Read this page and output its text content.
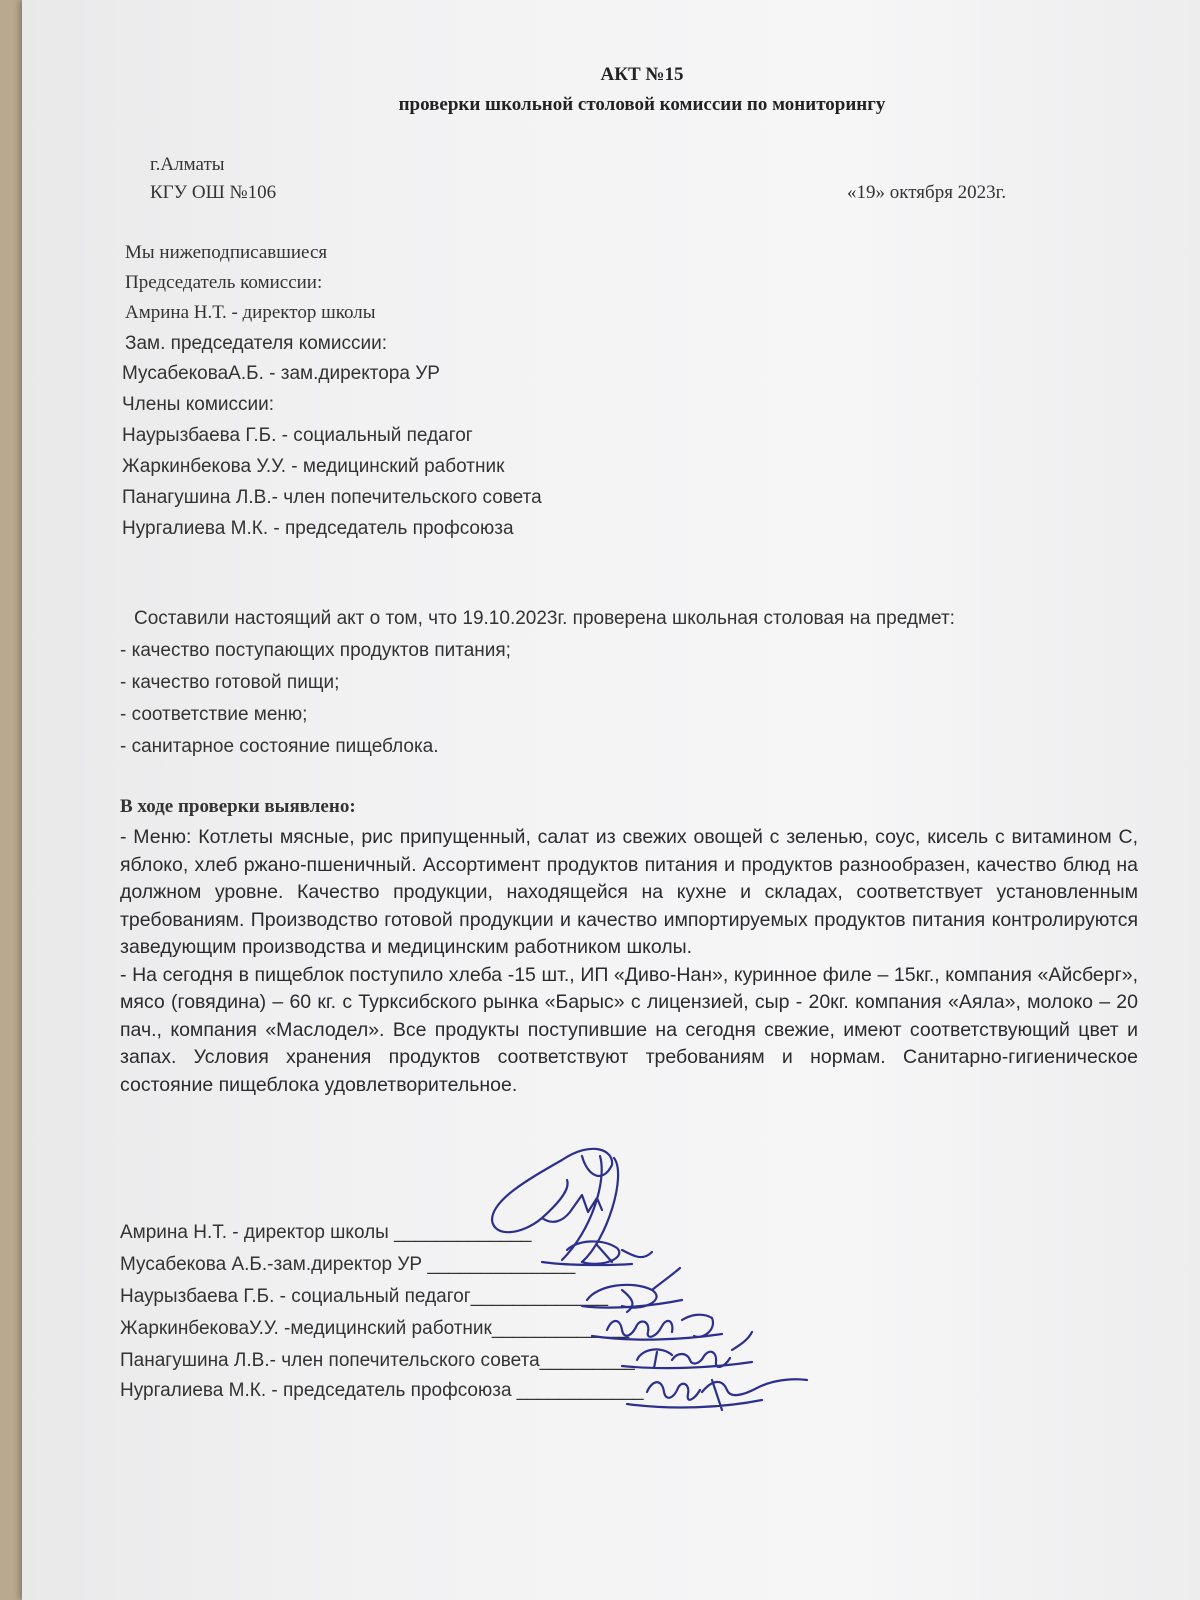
АКТ №15
проверки школьной столовой комиссии по мониторингу
г.Алматы
КГУ ОШ №106	«19» октября 2023г.
Мы нижеподписавшиеся
Председатель комиссии:
Амрина Н.Т. - директор школы
Зам. председателя комиссии:
МусабековаА.Б. - зам.директора УР
Члены комиссии:
Наурызбаева Г.Б. - социальный педагог
Жаркинбекова У.У. - медицинский работник
Панагушина Л.В.- член попечительского совета
Нургалиева М.К. - председатель профсоюза
Составили настоящий акт о том, что 19.10.2023г. проверена школьная столовая на предмет:
- качество поступающих продуктов питания;
- качество готовой пищи;
- соответствие меню;
- санитарное состояние пищеблока.
В ходе проверки выявлено:

- Меню: Котлеты мясные, рис припущенный, салат из свежих овощей с зеленью, соус, кисель с витамином С, яблоко, хлеб ржано-пшеничный. Ассортимент продуктов питания и продуктов разнообразен, качество блюд на должном уровне. Качество продукции, находящейся на кухне и складах, соответствует установленным требованиям. Производство готовой продукции и качество импортируемых продуктов питания контролируются заведующим производства и медицинским работником школы.

- На сегодня в пищеблок поступило хлеба -15 шт., ИП «Диво-Нан», куринное филе – 15кг., компания «Айсберг», мясо (говядина) – 60 кг. с Турксибского рынка «Барыс» с лицензией, сыр - 20кг. компания «Аяла», молоко – 20 пач., компания «Маслодел». Все продукты поступившие на сегодня свежие, имеют соответствующий цвет и запах. Условия хранения продуктов соответствуют требованиям и нормам. Санитарно-гигиеническое состояние пищеблока удовлетворительное.

Амрина Н.Т. - директор школы _____________
Мусабекова А.Б.-зам.директор УР ______________
Наурызбаева Г.Б. - социальный педагог_____________
ЖаркинбековаУ.У. -медицинский работник_____________
Панагушина Л.В.- член попечительского совета_________
Нургалиева М.К. - председатель профсоюза ____________
